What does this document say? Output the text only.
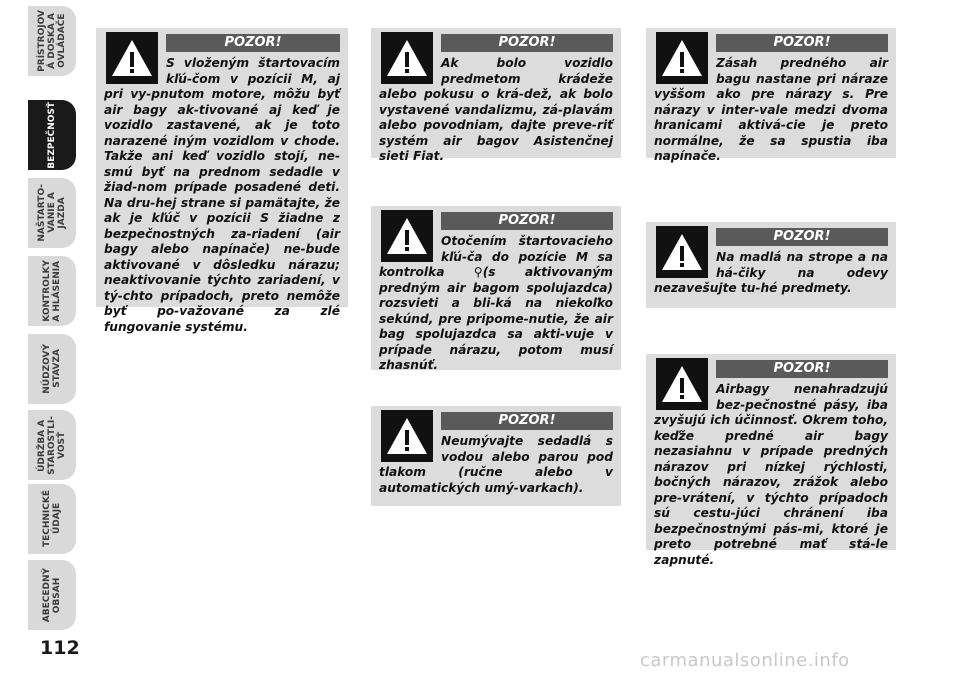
PRÍSTROJOV
Á DOSKA A
OVLÁDAČE
BEZPEČNOSŤ
NAŠTARTO-
VANIE A
JAZDA
KONTROLKY
A HLÁSENIA
NÚDZOVÝ
STAVZA
ÚDRŽBA A
STAROSTLI-
VOSŤ
TECHNICKÉ
ÚDAJE
ABECEDNÝ
OBSAH
112
POZOR!
S vloženým štartovacím kľú-čom v pozícii M, aj pri vy-pnutom motore, môžu byť air bagy ak-tivované aj keď je vozidlo zastavené, ak je toto narazené iným vozidlom v chode. Takže ani keď vozidlo stojí, ne-smú byť na prednom sedadle v žiad-nom prípade posadené deti. Na dru-hej strane si pamätajte, že ak je kľúč v pozícii S žiadne z bezpečnostných za-riadení (air bagy alebo napínače) ne-bude aktivované v dôsledku nárazu; neaktivovanie týchto zariadení, v tý-chto prípadoch, preto nemôže byť po-važované za zlé fungovanie systému.
POZOR!
Ak bolo vozidlo predmetom krádeže alebo pokusu o krá-dež, ak bolo vystavené vandalizmu, zá-plavám alebo povodniam, dajte preve-riť systém air bagov Asistenčnej sieti Fiat.
POZOR!
Otočením štartovacieho kľú-ča do pozície M sa kontrolka ⚲(s aktivovaným predným air bagom spolujazdca) rozsvieti a bli-ká na niekoľko sekúnd, pre pripome-nutie, že air bag spolujazdca sa akti-vuje v prípade nárazu, potom musí zhasnúť.
POZOR!
Neumývajte sedadlá s vodou alebo parou pod tlakom (ručne alebo v automatických umý-varkach).
POZOR!
Zásah predného air bagu nastane pri náraze vyššom ako pre nárazy s. Pre nárazy v inter-vale medzi dvoma hranicami aktivá-cie je preto normálne, že sa spustia iba napínače.
POZOR!
Na madlá na strope a na há-čiky na odevy nezavešujte tu-hé predmety.
POZOR!
Airbagy nenahradzujú bez-pečnostné pásy, iba zvyšujú ich účinnosť. Okrem toho, keďže predné air bagy nezasiahnu v prípade predných nárazov pri nízkej rýchlosti, bočných nárazov, zrážok alebo pre-vrátení, v týchto prípadoch sú cestu-júci chránení iba bezpečnostnými pás-mi, ktoré je preto potrebné mať stá-le zapnuté.
carmanualsonline.info
